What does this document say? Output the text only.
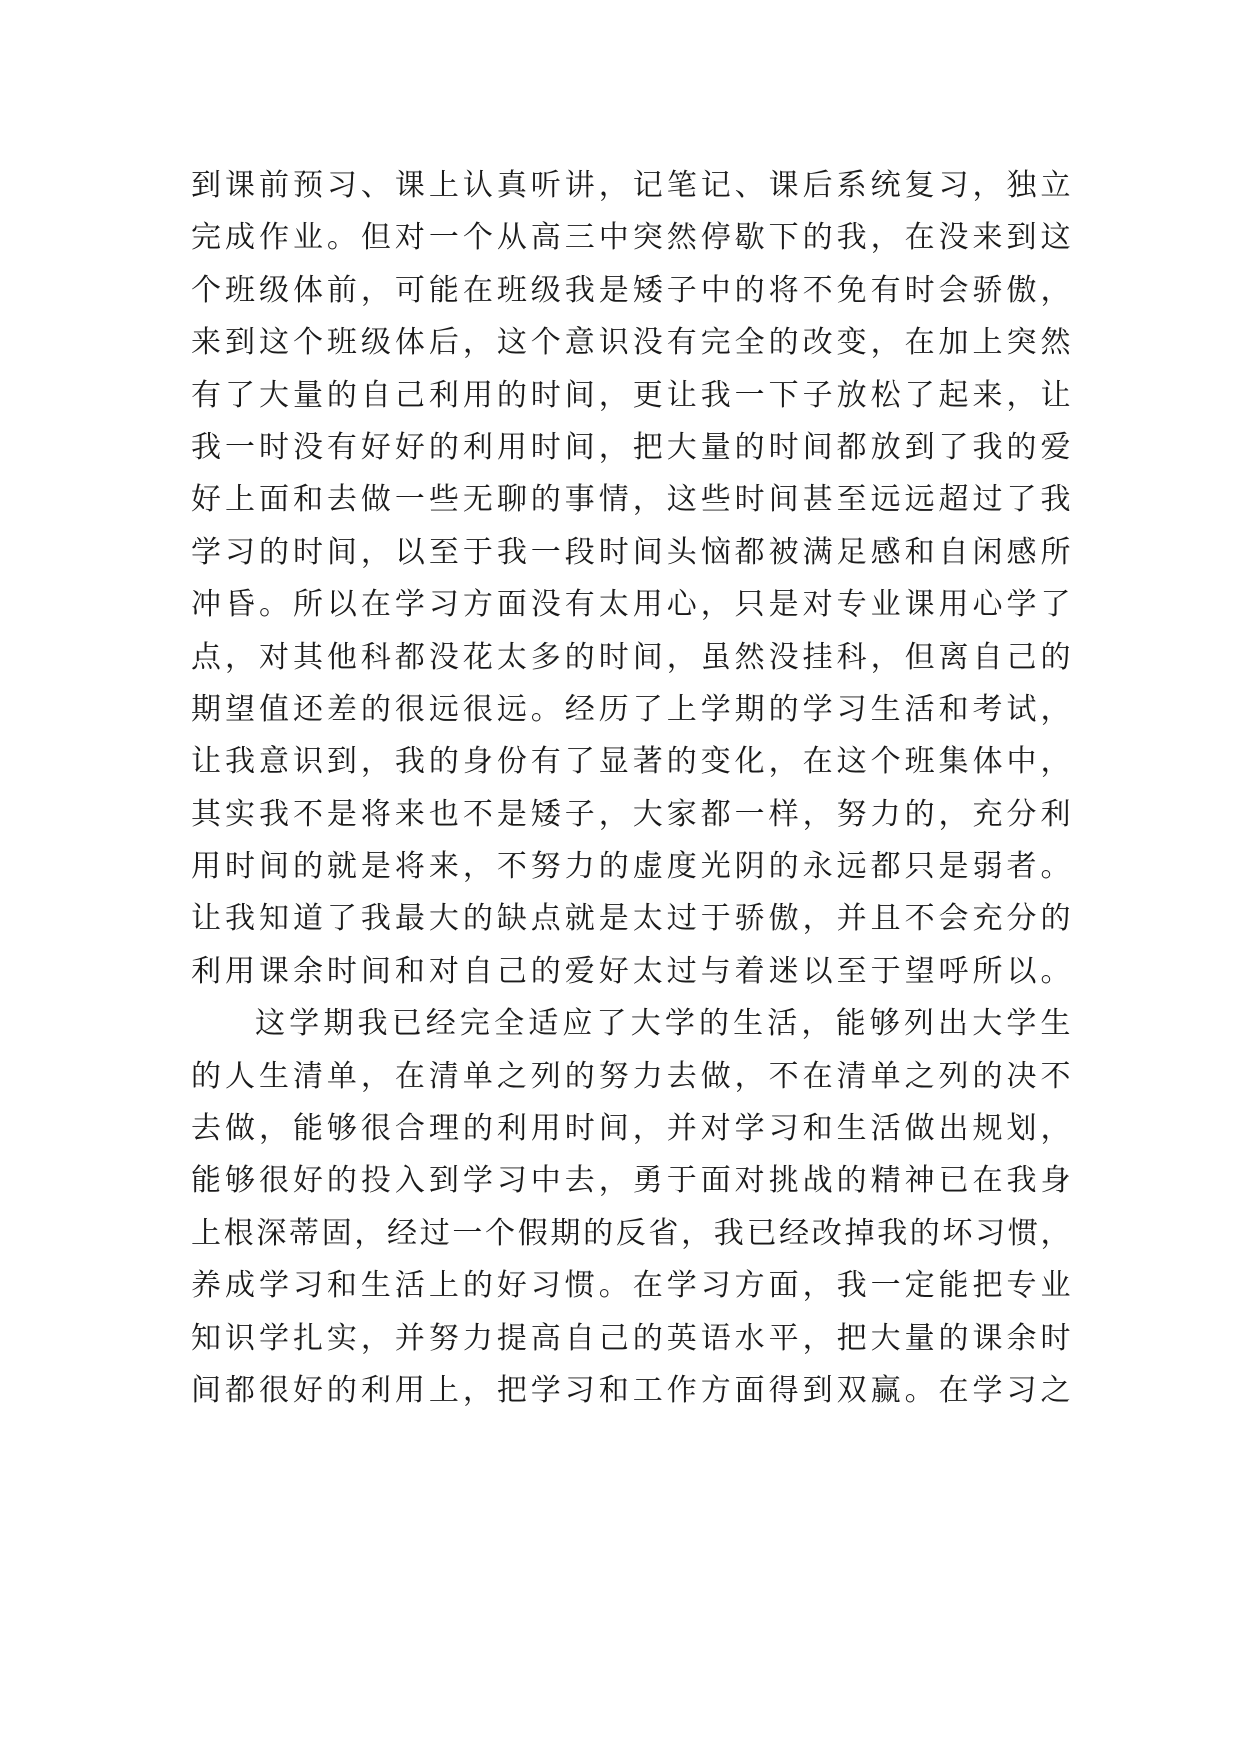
到课前预习、课上认真听讲，记笔记、课后系统复习，独立
完成作业。但对一个从高三中突然停歇下的我，在没来到这
个班级体前，可能在班级我是矮子中的将不免有时会骄傲，
来到这个班级体后，这个意识没有完全的改变，在加上突然
有了大量的自己利用的时间，更让我一下子放松了起来，让
我一时没有好好的利用时间，把大量的时间都放到了我的爱
好上面和去做一些无聊的事情，这些时间甚至远远超过了我
学习的时间，以至于我一段时间头恼都被满足感和自闲感所
冲昏。所以在学习方面没有太用心，只是对专业课用心学了
点，对其他科都没花太多的时间，虽然没挂科，但离自己的
期望值还差的很远很远。经历了上学期的学习生活和考试，
让我意识到，我的身份有了显著的变化，在这个班集体中，
其实我不是将来也不是矮子，大家都一样，努力的，充分利
用时间的就是将来，不努力的虚度光阴的永远都只是弱者。
让我知道了我最大的缺点就是太过于骄傲，并且不会充分的
利用课余时间和对自己的爱好太过与着迷以至于望呼所以。
这学期我已经完全适应了大学的生活，能够列出大学生
的人生清单，在清单之列的努力去做，不在清单之列的决不
去做，能够很合理的利用时间，并对学习和生活做出规划，
能够很好的投入到学习中去，勇于面对挑战的精神已在我身
上根深蒂固，经过一个假期的反省，我已经改掉我的坏习惯，
养成学习和生活上的好习惯。在学习方面，我一定能把专业
知识学扎实，并努力提高自己的英语水平，把大量的课余时
间都很好的利用上，把学习和工作方面得到双赢。在学习之
